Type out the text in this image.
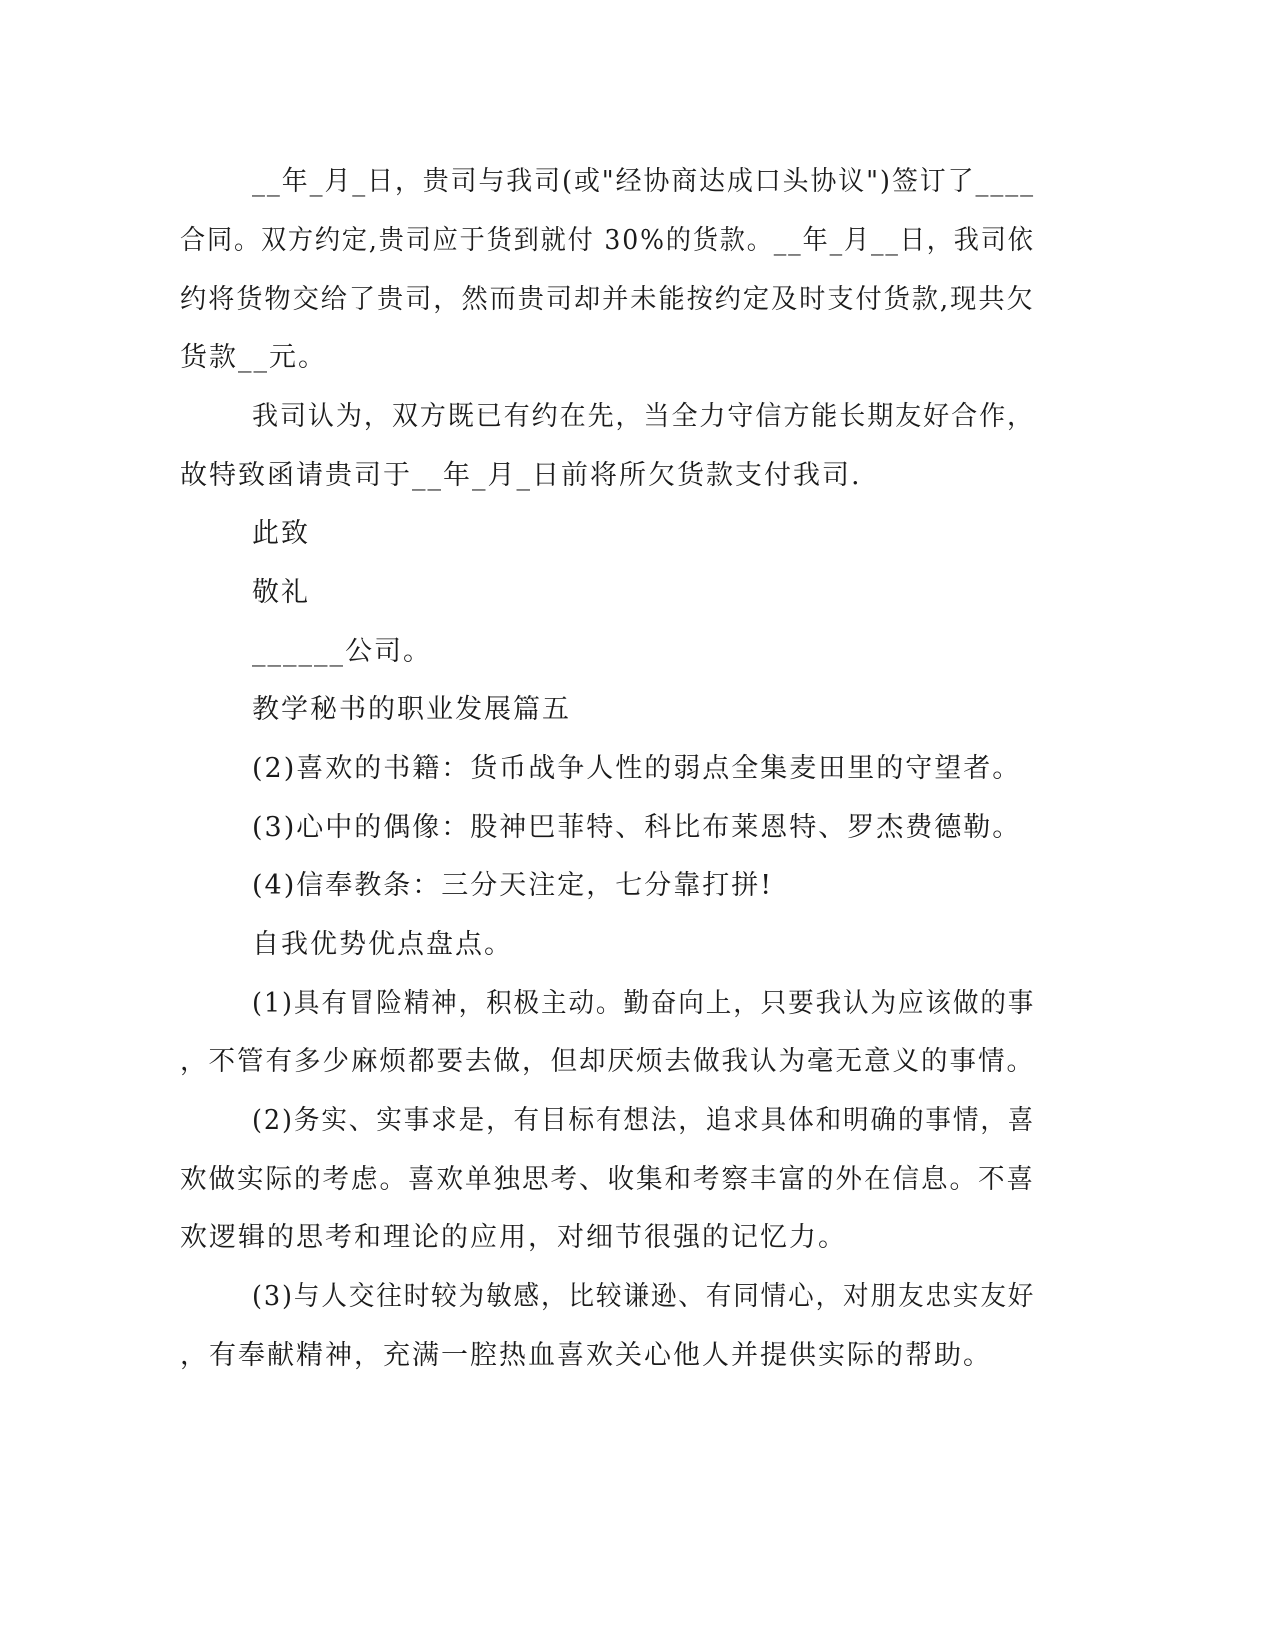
__年_月_日，贵司与我司(或"经协商达成口头协议")签订了____
合同。双方约定,贵司应于货到就付 30%的货款。__年_月__日，我司依
约将货物交给了贵司，然而贵司却并未能按约定及时支付货款,现共欠
货款__元。
我司认为，双方既已有约在先，当全力守信方能长期友好合作，
故特致函请贵司于__年_月_日前将所欠货款支付我司.
此致
敬礼
______公司。
教学秘书的职业发展篇五
(2)喜欢的书籍：货币战争人性的弱点全集麦田里的守望者。
(3)心中的偶像：股神巴菲特、科比布莱恩特、罗杰费德勒。
(4)信奉教条：三分天注定，七分靠打拼!
自我优势优点盘点。
(1)具有冒险精神，积极主动。勤奋向上，只要我认为应该做的事
，不管有多少麻烦都要去做，但却厌烦去做我认为毫无意义的事情。
(2)务实、实事求是，有目标有想法，追求具体和明确的事情，喜
欢做实际的考虑。喜欢单独思考、收集和考察丰富的外在信息。不喜
欢逻辑的思考和理论的应用，对细节很强的记忆力。
(3)与人交往时较为敏感，比较谦逊、有同情心，对朋友忠实友好
，有奉献精神，充满一腔热血喜欢关心他人并提供实际的帮助。
